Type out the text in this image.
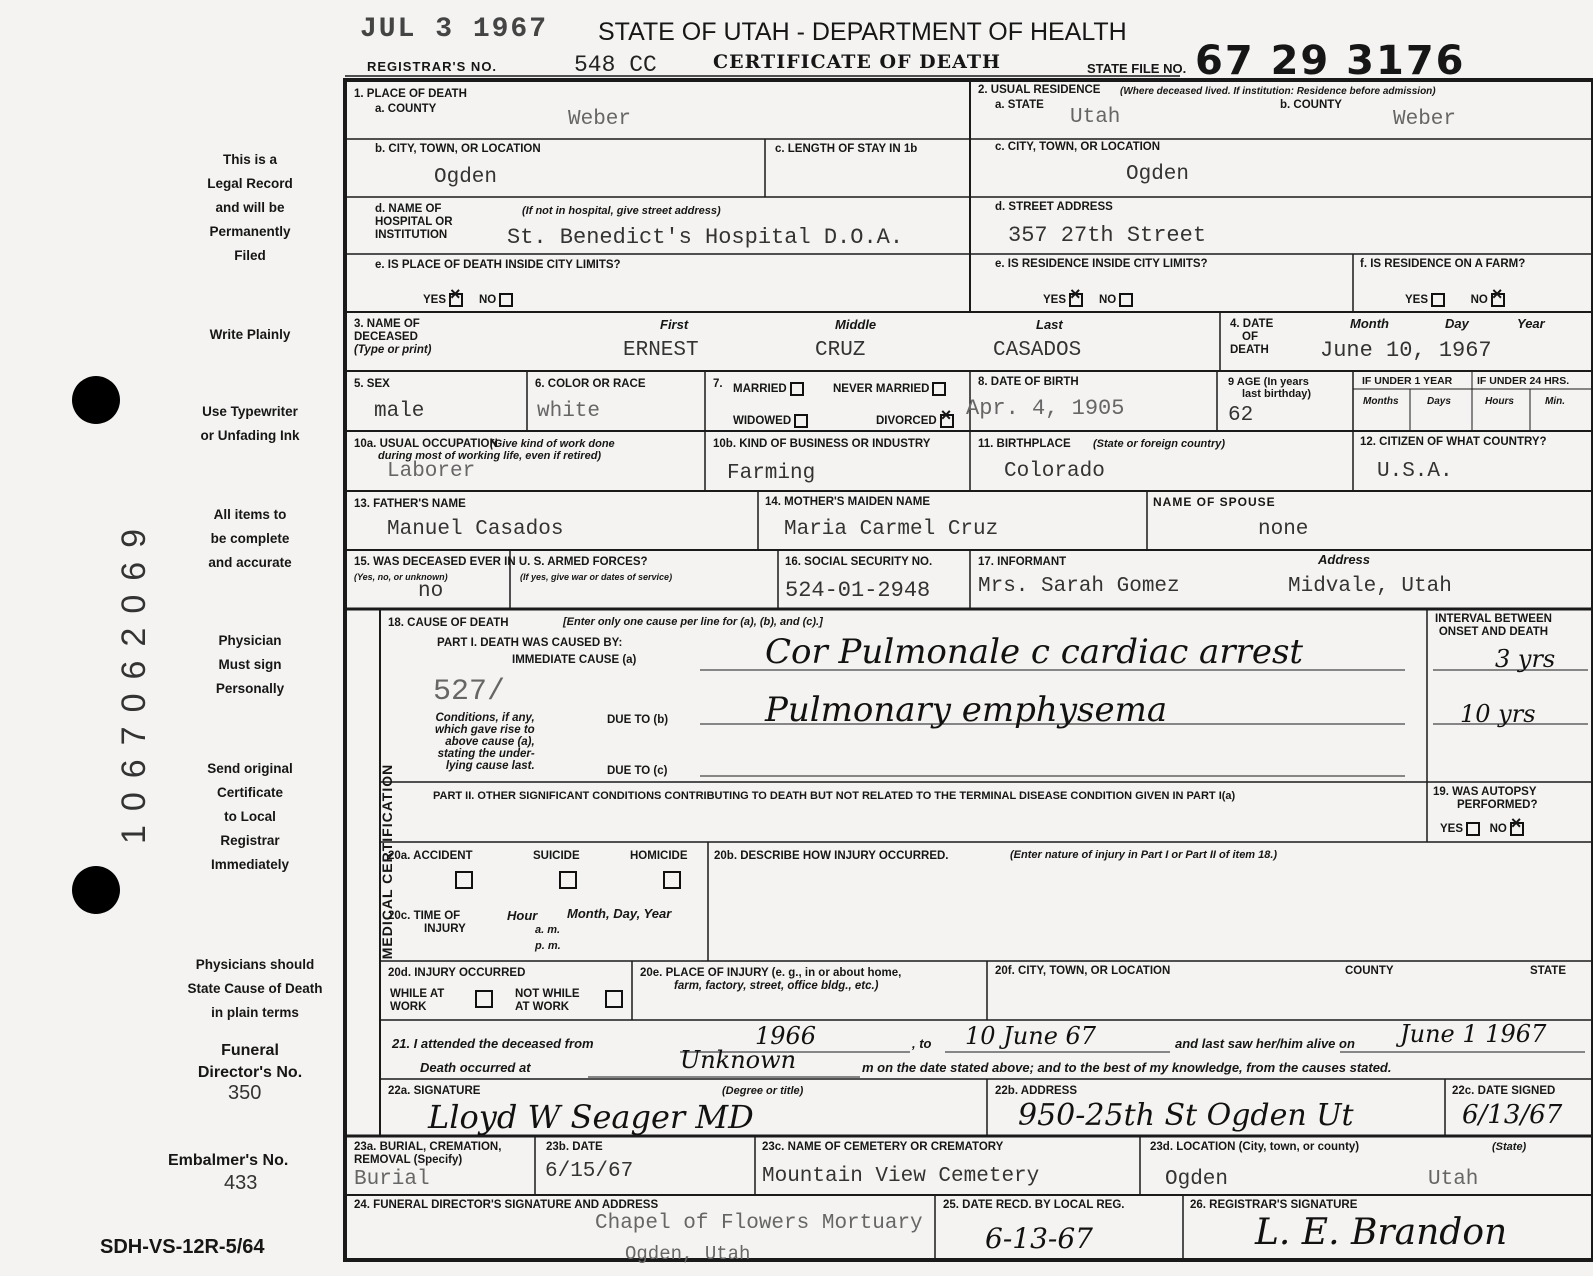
JUL 3 1967 STATE OF UTAH - DEPARTMENT OF HEALTH
REGISTRAR'S NO.	548 CC	CERTIFICATE OF DEATH	STATE FILE NO. 67 29 3176
This is a
Legal Record
and will be
Permanently
Filed
Write Plainly
Use Typewriter
or Unfading Ink
All items to
be complete
and accurate
Physician
Must sign
Personally
Send original
Certificate
to Local
Registrar
Immediately
Physicians should
State Cause of Death
in plain terms
Funeral
Director's No.
350
Embalmer's No.
433
SDH-VS-12R-5/64
1067062069
1. PLACE OF DEATH
a. COUNTY	Weber
b. CITY, TOWN, OR LOCATION
Ogden
c. LENGTH OF STAY IN 1b
d. NAME OF
HOSPITAL OR
INSTITUTION
(If not in hospital, give street address)
St. Benedict's Hospital D.O.A.
e. IS PLACE OF DEATH INSIDE CITY LIMITS?
YES ×	NO
2. USUAL RESIDENCE (Where deceased lived. If institution: Residence before admission)
a. STATE
Utah
b. COUNTY
Weber
c. CITY, TOWN, OR LOCATION
Ogden
d. STREET ADDRESS
357 27th Street
e. IS RESIDENCE INSIDE CITY LIMITS?
YES ×	NO
f. IS RESIDENCE ON A FARM?
YES	NO×
3. NAME OF
DECEASED
(Type or print)
First	Middle	Last
ERNEST	CRUZ	CASADOS
4. DATE
OF
DEATH
Month	Day	Year
June 10, 1967
5. SEX
male
6. COLOR OR RACE
white
7. MARRIED	NEVER MARRIED
WIDOWED	DIVORCED×
8. DATE OF BIRTH
Apr. 4, 1905
9 AGE (In years
last birthday)
62
IF UNDER 1 YEAR IF UNDER 24 HRS.
Months	Days	Hours	Min.
10a. USUAL OCCUPATION
(Give kind of work done
during most of working life, even if retired)
Laborer
10b. KIND OF BUSINESS OR INDUSTRY
Farming
11. BIRTHPLACE (State or foreign country)
Colorado
12. CITIZEN OF WHAT COUNTRY?
U.S.A.
13. FATHER'S NAME
Manuel Casados
14. MOTHER'S MAIDEN NAME
Maria Carmel Cruz
NAME OF SPOUSE
none
15. WAS DECEASED EVER IN U. S. ARMED FORCES?
(Yes, no, or unknown)	(If yes, give war or dates of service)
no
16. SOCIAL SECURITY NO.
524-01-2948
17. INFORMANT	Address
Mrs. Sarah Gomez	Midvale, Utah
MEDICAL CERTIFICATION
18. CAUSE OF DEATH	[Enter only one cause per line for (a), (b), and (c).]
PART I. DEATH WAS CAUSED BY:
IMMEDIATE CAUSE (a)	Cor Pulmonale c cardiac arrest
527/
Conditions, if any,
which gave rise to
above cause (a),
stating the under-
lying cause last.
DUE TO (b)	Pulmonary emphysema
DUE TO (c)
INTERVAL BETWEEN
ONSET AND DEATH
3 yrs
10 yrs
PART II. OTHER SIGNIFICANT CONDITIONS CONTRIBUTING TO DEATH BUT NOT RELATED TO THE TERMINAL DISEASE CONDITION GIVEN IN PART I(a)	19. WAS AUTOPSY
PERFORMED?
YES NO×
20a. ACCIDENT	SUICIDE	HOMICIDE 20b. DESCRIBE HOW INJURY OCCURRED.	(Enter nature of injury in Part I or Part II of item 18.)
20c. TIME OF
INJURY
Hour
a. m.
p. m.
Month, Day, Year
20d. INJURY OCCURRED
WHILE AT
WORK
NOT WHILE
AT WORK
20e. PLACE OF INJURY (e. g., in or about home,
farm, factory, street, office bldg., etc.)
20f. CITY, TOWN, OR LOCATION	COUNTY	STATE
21. I attended the deceased from	1966	, to 10 June 67	and last saw her/him alive on June 1 1967
Death occurred at	Unknown	m on the date stated above; and to the best of my knowledge, from the causes stated.
22a. SIGNATURE	(Degree or title)
Lloyd W Seager MD
22b. ADDRESS
950-25th St Ogden Ut
22c. DATE SIGNED
6/13/67
23a. BURIAL, CREMATION,
REMOVAL (Specify)
Burial
23b. DATE
6/15/67
23c. NAME OF CEMETERY OR CREMATORY
Mountain View Cemetery
23d. LOCATION (City, town, or county)	(State)
Ogden	Utah
24. FUNERAL DIRECTOR'S SIGNATURE AND ADDRESS
Chapel of Flowers Mortuary
Ogden, Utah
25. DATE RECD. BY LOCAL REG.
6-13-67
26. REGISTRAR'S SIGNATURE
L. E. Brandon
